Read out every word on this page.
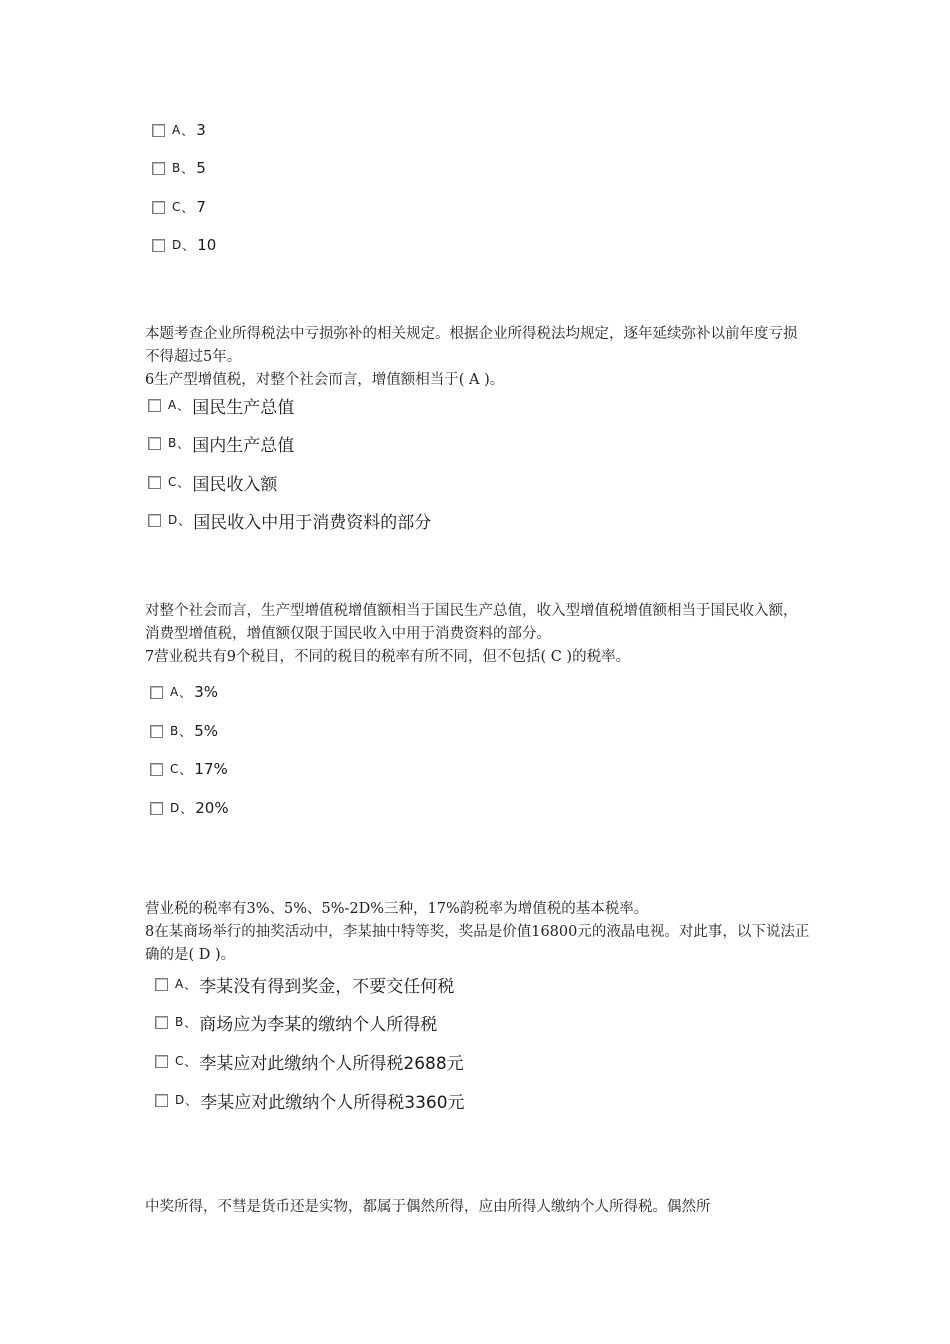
A 、 3
B 、 5
C 、 7
D 、 10

本题考查企业所得税法中亏损弥补的相关规定。根据企业所得税法均规定，逐年延续弥补以前年度亏损不得超过5年。

6生产型增值税，对整个社会而言，增值额相当于( A )。

A 、 国民生产总值
B 、 国内生产总值
C 、 国民收入额
D 、 国民收入中用于消费资料的部分

对整个社会而言，生产型增值税增值额相当于国民生产总值，收入型增值税增值额相当于国民收入额，消费型增值税，增值额仅限于国民收入中用于消费资料的部分。

7营业税共有9个税目，不同的税目的税率有所不同，但不包括( C )的税率。

A 、 3%
B 、 5%
C 、 17%
D 、 20%

营业税的税率有3%、5%、5%-2D%三种，17%韵税率为增值税的基本税率。

8在某商场举行的抽奖活动中，李某抽中特等奖，奖品是价值16800元的液晶电视。对此事，以下说法正确的是( D )。

A 、 李某没有得到奖金，不要交任何税
B 、 商场应为李某的缴纳个人所得税
C 、 李某应对此缴纳个人所得税2688元
D 、 李某应对此缴纳个人所得税3360元

中奖所得，不彗是货币还是实物，都属于偶然所得，应由所得人缴纳个人所得税。偶然所
